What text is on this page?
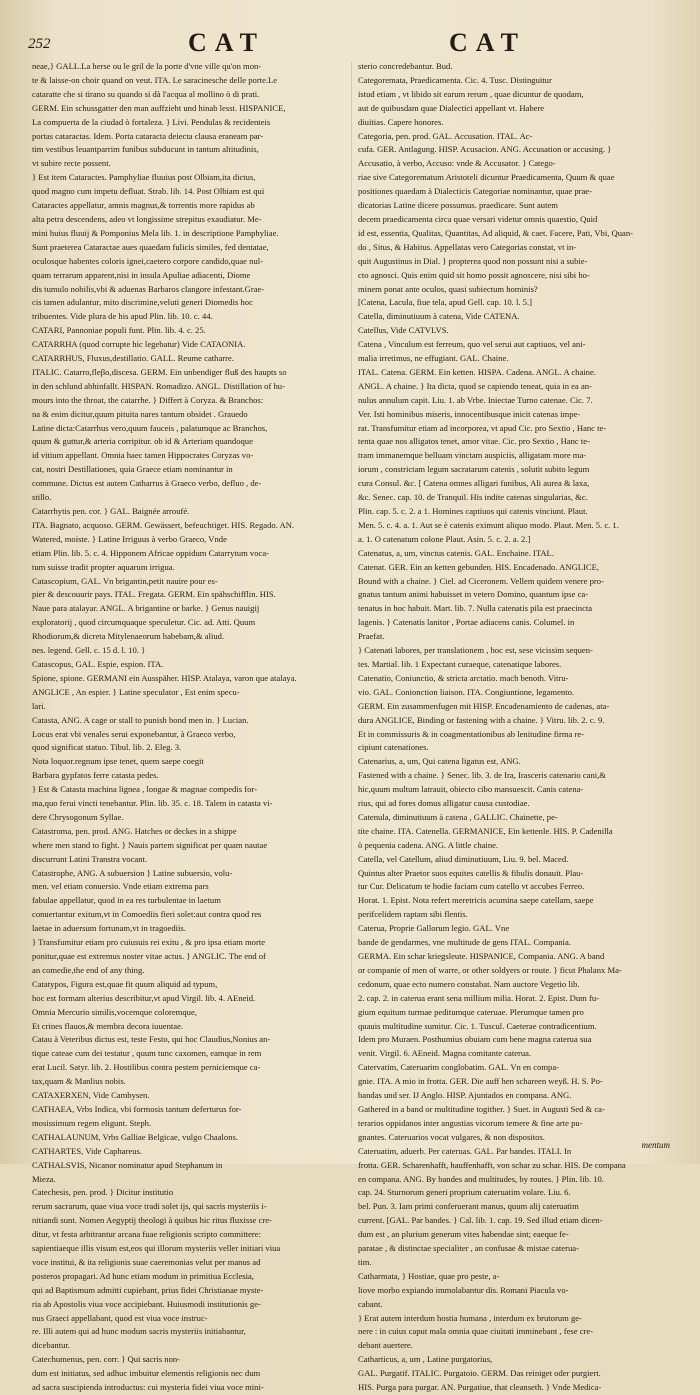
252	CAT	CAT
neae,} GALL.La herse ou le gril de la porte d'vne ville qu'on mon-
te & laisse-on choir quand on veut. ITA. Le saracinesche delle porte.Le
cataratte che si tirano su quando si dà l'acqua al mollino ò di prati.
GERM. Ein schussgatter den man auffzieht und hinab lesst. HISPANICE,
La compuerta de la ciudad ò fortaleza. } Livi. Pendulas & recidenteis
portas cataractas. Idem. Porta cataracta deiecta clausa eraneam par-
tim vestibus leuantparrim funibus subducunt in tantum altitudinis,
vt subire recte possent.
} Est item Cataractes. Pamphyliae fluuius post Olbiam,ita dictus,
quod magno cum impetu defluat. Strab. lib. 14. Post Olbiam est qui
Cataractes appellatur, amnis magnus,& torrentis more rapidus ab
alta petra descendens, adeo vt longissime strepitus exaudiatur. Me-
mini huius fluuij & Pomponius Mela lib. 1. in descriptione Pamphyliae.
Sunt praeterea Cataractae aues quaedam fulicis similes, fed dentatae,
oculosque habentes coloris ignei,caetero corpore candido,quae nul-
quam terrarum apparent,nisi in insula Apuliae adiacenti, Diome
dis tumulo nobilis,vbi & aduenas Barbaros clangore infestant.Grae-
cis tamen adulantur, mito discrimine,veluti generi Diomedis hoc
tribuentes. Vide plura de his apud Plin. lib. 10. c. 44.
CATARI, Pannoniae populi funt. Plin. lib. 4. c. 25.
CATARRHA (quod corrupte hic legebatur) Vide CATAONIA.
CATARRHUS, Fluxus,destillatio. GALL. Reume catharre.
ITALIC. Catarro,fleβo,discesa. GERM. Ein unbendiger fluß des haupts so
in den schlund abhinfallt. HISPAN. Romadizo. ANGL. Distillation of hu-
mours into the throat, the catarrhe. } Differt à Coryza. & Branchos:
na & enim dicitur,quum pituita nares tantum obsidet . Grauedo
Latine dicta:Catarrhus vero,quum fauceis , palatumque ac Branchos,
quum & guttur,& arteria corripitur. ob id & Arteriam quandoque
id vitium appellant. Omnia haec tamen Hippocrates Coryzas vo-
cat, nostri Destillationes, quia Graece etiam nominantur in
commune. Dictus est autem Catharrus à Graeco verbo, defluo , de-
stillo.
Catarrhytis pen. cor. } GAL. Baignée arroufé.
ITA. Bagnato, acquoso. GERM. Gewässert, befeuchtiget. HIS. Regado. AN.
Watered, moiste. } Latine Irriguus à verbo Graeco, Vnde
etiam Plin. lib. 5. c. 4. Hipponem Africae oppidum Catarrytum voca-
tum suisse tradit propter aquarum irrigua.
Catascopium, GAL. Vn brigantin,petit nauire pour es-
pier & descouurir pays. ITAL. Fregata. GERM. Ein spähschifflin. HIS.
Naue para atalayar. ANGL. A brigantine or barke. } Genus nauigij
exploratorij , quod circumquaque speculetur. Cic. ad. Atti. Quum
Rhodiorum,& dicreta Mitylenaeorum habebam,& aliud.
nes. legend. Gell. c. 15 d. l. 10. }
Catascopus, GAL. Espie, espion. ITA.
Spione, spione. GERMANI ein Ausspäher. HISP. Atalaya, varon que atalaya.
ANGLICE , An espier. } Latine speculator , Est enim specu-
lari.
Catasta, ANG. A cage or stall to punish bond men in. } Lucian.
Locus erat vbi venales serui exponebantur, à Graeco verbo,
quod significat statuo. Tibul. lib. 2. Eleg. 3.
Nota loquor.regnum ipse tenet, quem saepe coegit
Barbara gypfatos ferre catasta pedes.
} Est & Catasta machina lignea , longae & magnae compedis for-
ma,quo ferui vincti tenebantur. Plin. lib. 35. c. 18. Talem in catasta vi-
dere Chrysogonum Syllae.
Catastroma, pen. prod. ANG. Hatches or deckes in a shippe
where men stand to fight. } Nauis partem significat per quam nautae
discurrunt Latini Transtra vocant.
Catastrophe, ANG. A subuersion } Latine subuersio, volu-
men. vel etiam conuersio. Vnde etiam extrema pars
fabulae appellatur, quod in ea res turbulentae in laetum
conuertantur exitum,vt in Comoediis fieri solet:aut contra quod res
laetae in aduersum fortunam,vt in tragoediis.
} Transfumitur etiam pro cuiusuis rei exitu , & pro ipsa etiam morte
ponitur,quae est extremus noster vitae actus. } ANGLIC. The end of
an comedie,the end of any thing.
Catatypos, Figura est,quae fit quum aliquid ad typum,
hoc est formam alterius describitur,vt apud Virgil. lib. 4. AEneid.
Omnia Mercurio similis,vocemque coloremque,
Et crines flauos,& membra decora iuuentae.
Catau à Veteribus dictus est, teste Festo, qui hoc Claudius,Nonius an-
tique cateae cum dei testatur , quum tunc caxomen, eamque in rem
erat Lucil. Satyr. lib. 2. Hostilibus contra pestem perniciemque ca-
tax,quam & Manlius nobis.
CATAXERXEN, Vide Cambysen.
CATHAEA, Vrbs Indica, vbi formosis tantum deferturus for-
mosissimum regem eligunt. Steph.
CATHALAUNUM, Vrbs Galliae Belgicae, vulgo Chaalons.
CATHARTES, Vide Caphareus.
CATHALSVIS, Nicanor nominatur apud Stephanum in
Mieza.
Catechesis, pen. prod. } Dicitur institutio
rerum sacrarum, quae viua voce tradi solet ijs, qui sacris mysteriis i-
nitiandi sunt. Nomen Aegyptij theologi à quibus hic ritus fluxisse cre-
ditur, vt festa arbitrantur arcana fuae religionis scripto committere:
sapientiaeque illis visum est,eos qui illorum mysteriis veller initiari viua
voce institui, & ita religionis suae caeremonias velut per manus ad
posteros propagari. Ad hunc etiam modum in primitiua Ecclesia,
qui ad Baptismum admitti cupiebant, prius fidei Christianae myste-
ria ab Apostolis viua voce accipiebant. Huiusmodi institutionis ge-
nus Graeci appellabant, quod est viua voce instruc-
re. Illi autem qui ad hunc modum sacris mysteriis initiabantur,
dicebantur.
Catechumenus, pen. corr. } Qui sacris non-
dum est initiatus, sed adhuc imbuitur elementis religionis nec dum
ad sacra suscipienda introductus: cui mysteria fidei viua voce mini-
sterio concredebantur. Bud.
Categoremata, Praedicamenta. Cic. 4. Tusc. Distinguitur
istud etiam , vt libido sit earum rerum , quae dicuntur de quodam,
aut de quibusdam quae Dialectici appellant vt. Habere
diuitias. Capere honores.
Categoria, pen. prod. GAL. Accusation. ITAL. Ac-
cufa. GER. Antlagung. HISP. Acusacion. ANG. Accusation or accusing. }
Accusatio, à verbo, Accuso: vnde & Accusator. } Catego-
riae sive Categorematum Aristoteli dicuntur Praedicamenta, Quum & quae
positiones quaedam à Dialecticis Categoriae nominantur, quae prae-
dicatorias Latine dicere possumus. praedicare. Sunt autem
decem praedicamenta circa quae versari videtur omnis quaestio, Quid
id est, essentia, Qualitas, Quantitas, Ad aliquid, & caet. Facere, Pati, Vbi, Quan-
do , Situs, & Habitus. Appellatas vero Categorias constat, vt in-
quit Augustinus in Dial. } propterea quod non possunt nisi a subie-
cto agnosci. Quis enim quid sit homo possit agnoscere, nisi sibi ho-
minem ponat ante oculos, quasi subiectum hominis?
[Catena, Lacula, fiue tela, apud Gell. cap. 10. l. 5.]
Catella, diminutiuum à catena, Vide CATENA.
Catellus, Vide CATVLVS.
Catena , Vinculum est ferreum, quo vel serui aut captiuos, vel ani-
malia irretimus, ne effugiant. GAL. Chaine.
ITAL. Catena. GERM. Ein ketten. HISPA. Cadena. ANGL. A chaine.
ANGL. A chaine. } Ita dicta, quod se capiendo teneat, quia in ea an-
nulus annulum capit. Liu. 1. ab Vrbe. Iniectae Turno catenae. Cic. 7.
Ver. Isti hominibus miseris, innocentibusque inicit catenas impe-
rat. Transfumitur etiam ad incorporea, vt apud Cic. pro Sextio , Hanc te-
tenta quae nos alligatos tenet, amor vitae. Cic. pro Sextio , Hanc te-
tram immanemque belluam vinctam auspiciis, alligatam more ma-
iorum , constrictam legum sacratarum catenis , solutit subito legum
cura Consul. &c. [ Catena omnes alligari funibus, Ali aurea & laxa,
&c. Senec. cap. 10. de Tranquil. His indite catenas singularias, &c.
Plin. cap. 5. c. 2. a 1. Homines captiuos qui catenis vinciunt. Plaut.
Men. 5. c. 4. a. 1. Aut se è catenis eximunt aliquo modo. Plaut. Men. 5. c. 1.
a. 1. O catenatum colone Plaut. Asin. 5. c. 2. a. 2.]
Catenatus, a, um, vinctus catenis. GAL. Enchaine. ITAL.
Catenat. GER. Ein an ketten gebunden. HIS. Encadenado. ANGLICE,
Bound with a chaine. } Ciel. ad Ciceronem. Vellem quidem venere pro-
gnatus tantum animi habuisset in vetero Domino, quantum ipse ca-
tenatus in hoc habuit. Mart. lib. 7. Nulla catenatis pila est praecincta
lagenis. } Catenatis lanitor , Portae adiacens canis. Columel. in
Praefat.
} Catenati labores, per translationem , hoc est, sese vicissim sequen-
tes. Martial. lib. 1 Expectant curaeque, catenatique labores.
Catenatio, Coniunctio, & stricta arctatio. mach benoth. Vitru-
vio. GAL. Conionction liaison. ITA. Congiuntione, legamento.
GERM. Ein zusammenfugen mit HISP. Encadenamiento de cadenas, ata-
dura ANGLICE, Binding or fastening with a chaine. } Vitru. lib. 2. c. 9.
Et in commissuris & in coagmentationibus ab lenitudine firma re-
cipiunt catenationes.
Catenarius, a, um, Qui catena ligatus est, ANG.
Fastened with a chaine. } Senec. lib. 3. de Ira, Irasceris catenario cani,&
hic,quum multum latrauit, obiecto cibo mansuescit. Canis catena-
rius, qui ad fores domus alligatur causa custodiae.
Catenula, diminutiuum à catena , GALLIC. Chainette, pe-
tite chaine. ITA. Catenella. GERMANICE, Ein kettenle. HIS. P. Cadenilla
ò pequenia cadena. ANG. A little chaine.
Catella, vel Catellum, aliud diminutiuum, Liu. 9. bel. Maced.
Quintus alter Praetor suos equites catellis & fibulis donauit. Plau-
tur Cur. Delicatum te hodie faciam cum catello vt accubes Ferreo.
Horat. 1. Epist. Nota refert meretricis acumina saepe catellam, saepe
perifcelidem raptam sibi flentis.
Caterua, Proprie Gallorum legio. GAL. Vne
bande de gendarmes, vne multitude de gens ITAL. Compania.
GERMA. Ein schar kriegsleute. HISPANICE, Compania. ANG. A band
or companie of men of warre, or other soldyers or route. } ficut Phalanx Ma-
cedonum, quae ecto numero constabat. Nam auctore Vegetio lib.
2. cap. 2. in caterua erant sena millium milia. Horat. 2. Epist. Dum fu-
gium equitum turmae peditumque cateruae. Plerumque tamen pro
quauis multitudine sumitur. Cic. 1. Tuscul. Caeterae contradicentium.
Idem pro Muraen. Posthumius obuiam cum bene magna caterua sua
venit. Virgil. 6. AEneid. Magna comitante caterua.
Catervatim, Cateruarim conglobatim. GAL. Vn en compa-
gnie. ITA. A mio in frotta. GER. Die auff hen schareen weyß. H. S. Po-
bandas und ser. IJ Anglo. HISP. Ajuntados en compana. ANG.
Gathered in a band or multitudine togither. } Suet. in Augusti Sed & ca-
terarios oppidanos inter angustias vicorum temere & fine arte pu-
gnantes. Cateruarios vocat vulgares, & non dispositos.
Cateruatim, aduerb. Per cateruas. GAL. Par bandes. ITALI. In
frotta. GER. Scharenhafft, hauffenhafft, von schar zu schar. HIS. De compana
en compana. ANG. By bandes and multitudes, by routes. } Plin. lib. 10.
cap. 24. Sturnorum generi proprium cateruatim volare. Liu. 6.
bel. Pun. 3. Iam primi conferuerant manus, quum alij cateruatim
current. [GAL. Par bandes. } Cal. lib. 1. cap. 19. Sed illud etiam dicen-
dum est , an plurium generum vites habendae sint; eaeque fe-
paratae , & distinctae specialiter , an confusae & mistae caterua-
tim.
Catharmata, } Hostiae, quae pro peste, a-
liove morbo expiando immolabantur dis. Romani Piacula vo-
cabant.
} Erat autem interdum hostia humana , interdum ex brutorum ge-
nere : in cuius caput mala omnia quae ciuitati imminebant , fese cre-
debant auertere.
Catharticus, a, um , Latine purgatorius,
GAL. Purgatif. ITALIC. Purgatoio. GERM. Das reiniget oder purgiert.
HIS. Purga para purgar. AN. Purgatiue, that cleanseth. } Vnde Medica-
mentum
